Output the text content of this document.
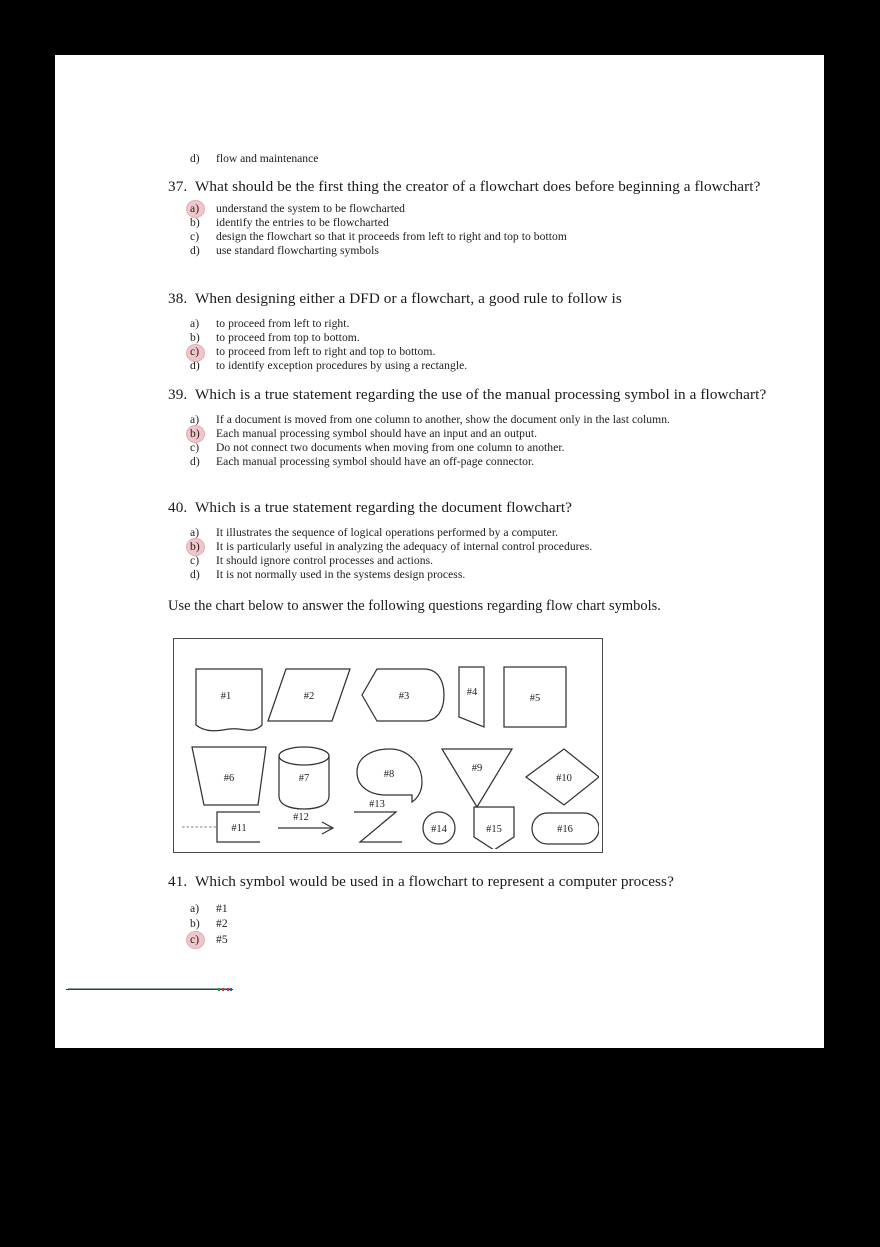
d) flow and maintenance
37. What should be the first thing the creator of a flowchart does before beginning a flowchart?
a)	understand the system to be flowcharted
b)	identify the entries to be flowcharted
c)	design the flowchart so that it proceeds from left to right and top to bottom
d)	use standard flowcharting symbols
38. When designing either a DFD or a flowchart, a good rule to follow is
a)	to proceed from left to right.
b)	to proceed from top to bottom.
c)	to proceed from left to right and top to bottom.
d)	to identify exception procedures by using a rectangle.
39. Which is a true statement regarding the use of the manual processing symbol in a flowchart?
a)	If a document is moved from one column to another, show the document only in the last column.
b)	Each manual processing symbol should have an input and an output.
c)	Do not connect two documents when moving from one column to another.
d)	Each manual processing symbol should have an off-page connector.
40. Which is a true statement regarding the document flowchart?
a)	It illustrates the sequence of logical operations performed by a computer.
b)	It is particularly useful in analyzing the adequacy of internal control procedures.
c)	It should ignore control processes and actions.
d)	It is not normally used in the systems design process.
Use the chart below to answer the following questions regarding flow chart symbols.
#1	#2	#3	#4
#5
#6	#7	#8
#9
#10
#11
#12
#13
#14	#15	#16
41. Which symbol would be used in a flowchart to represent a computer process?
a)	#1
b)	#2
c)	#5
